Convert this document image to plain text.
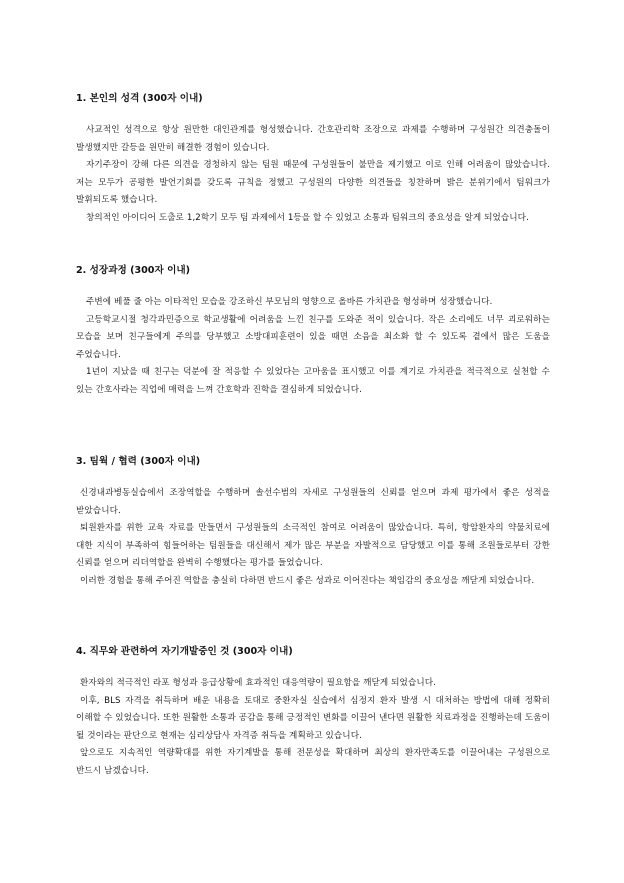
1. 본인의 성격 (300자 이내)

사교적인 성격으로 항상 원만한 대인관계를 형성했습니다. 간호관리학 조장으로 과제를 수행하며 구성원간 의견충돌이 발생했지만 갈등을 원만히 해결한 경험이 있습니다.

자기주장이 강해 다른 의견을 경청하지 않는 팀원 때문에 구성원들이 불만을 제기했고 이로 인해 어려움이 많았습니다. 저는 모두가 공평한 발언기회를 갖도록 규칙을 정했고 구성원의 다양한 의견들을 칭찬하며 밝은 분위기에서 팀워크가 발휘되도록 했습니다.

창의적인 아이디어 도출로 1,2학기 모두 팀 과제에서 1등을 할 수 있었고 소통과 팀워크의 중요성을 알게 되었습니다.

2. 성장과정 (300자 이내)

주변에 베풀 줄 아는 이타적인 모습을 강조하신 부모님의 영향으로 올바른 가치관을 형성하며 성장했습니다.

고등학교시절 청각과민증으로 학교생활에 어려움을 느낀 친구를 도와준 적이 있습니다. 작은 소리에도 너무 괴로워하는 모습을 보며 친구들에게 주의를 당부했고 소방대피훈련이 있을 때면 소음을 최소화 할 수 있도록 곁에서 많은 도움을 주었습니다.

1년이 지났을 때 친구는 덕분에 잘 적응할 수 있었다는 고마움을 표시했고 이를 계기로 가치관을 적극적으로 실천할 수 있는 간호사라는 직업에 매력을 느껴 간호학과 진학을 결심하게 되었습니다.

3. 팀웍 / 협력 (300자 이내)

신경내과병동실습에서 조장역할을 수행하며 솔선수범의 자세로 구성원들의 신뢰를 얻으며 과제 평가에서 좋은 성적을 받았습니다.

퇴원환자를 위한 교육 자료를 만들면서 구성원들의 소극적인 참여로 어려움이 많았습니다. 특히, 항암환자의 약물치료에 대한 지식이 부족하여 힘들어하는 팀원들을 대신해서 제가 많은 부분을 자발적으로 담당했고 이를 통해 조원들로부터 강한 신뢰를 얻으며 리더역할을 완벽히 수행했다는 평가를 들었습니다.

이러한 경험을 통해 주어진 역할을 충실히 다하면 반드시 좋은 성과로 이어진다는 책임감의 중요성을 깨닫게 되었습니다.

4. 직무와 관련하여 자기개발중인 것 (300자 이내)

환자와의 적극적인 라포 형성과 응급상황에 효과적인 대응역량이 필요함을 깨닫게 되었습니다.

이후, BLS 자격을 취득하며 배운 내용을 토대로 중환자실 실습에서 심정지 환자 발생 시 대처하는 방법에 대해 정확히 이해할 수 있었습니다. 또한 원활한 소통과 공감을 통해 긍정적인 변화를 이끌어 낸다면 원활한 치료과정을 진행하는데 도움이 될 것이라는 판단으로 현재는 심리상담사 자격증 취득을 계획하고 있습니다.

앞으로도 지속적인 역량확대를 위한 자기계발을 통해 전문성을 확대하며 최상의 환자만족도를 이끌어내는 구성원으로 반드시 남겠습니다.
